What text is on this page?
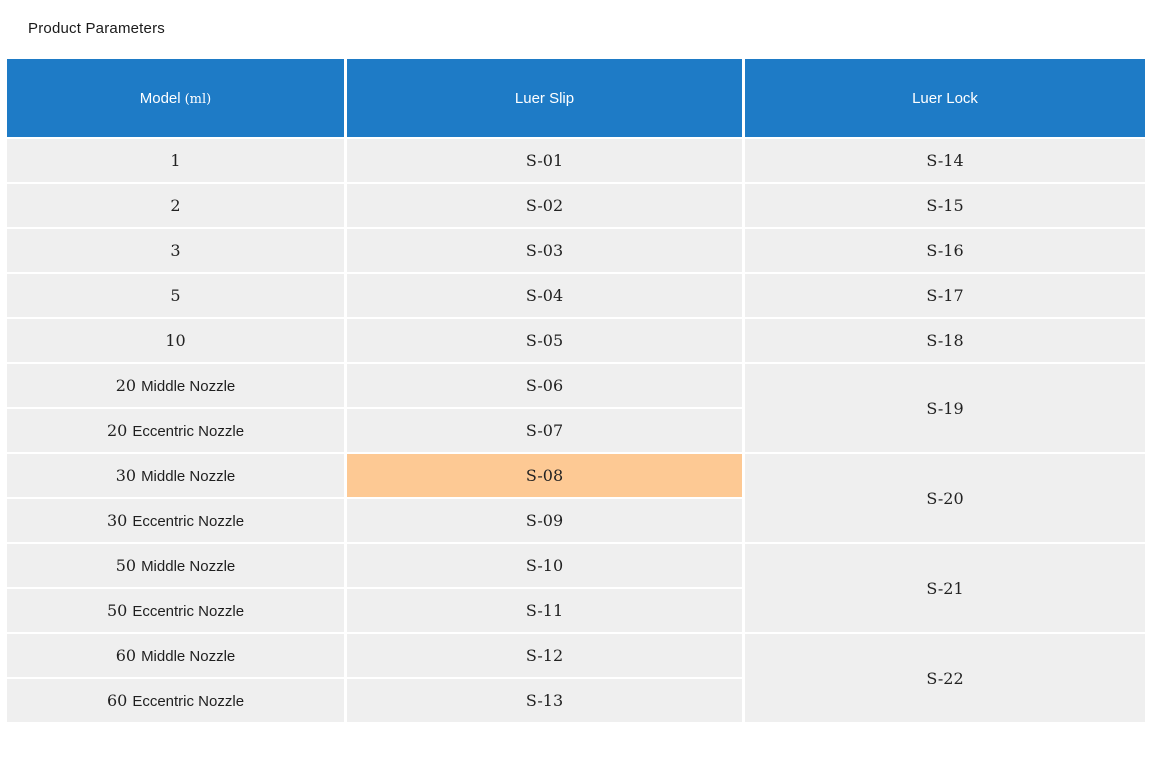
Product Parameters
Model (ml)	Luer Slip	Luer Lock
1	S-01	S-14
2	S-02	S-15
3	S-03	S-16
5	S-04	S-17
10	S-05	S-18
20 Middle Nozzle	S-06	S-19
20 Eccentric Nozzle	S-07	
30 Middle Nozzle	S-08	S-20
30 Eccentric Nozzle	S-09	
50 Middle Nozzle	S-10	S-21
50 Eccentric Nozzle	S-11	
60 Middle Nozzle	S-12	S-22
60 Eccentric Nozzle	S-13	
